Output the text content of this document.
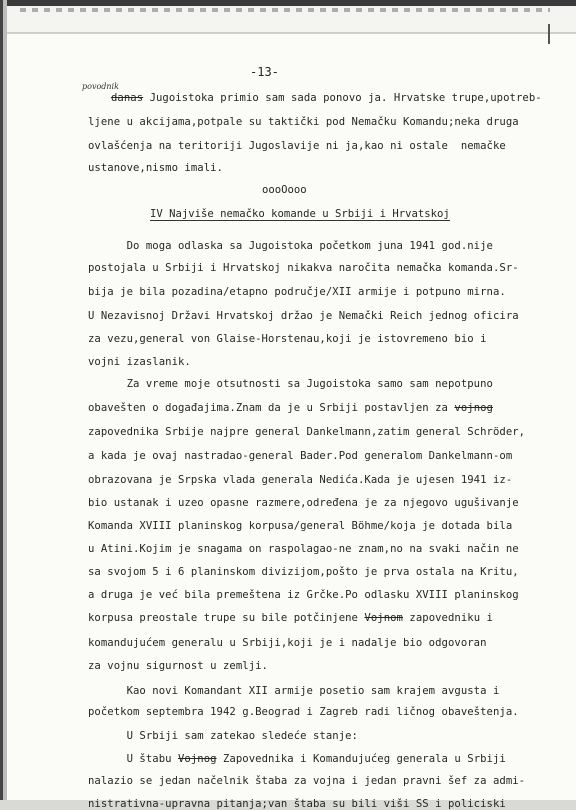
-13-
povodnik
danas Jugoistoka primio sam sada ponovo ja. Hrvatske trupe,upotreb-
ljene u akcijama,potpale su taktički pod Nemačku Komandu;neka druga
ovlašćenja na teritoriji Jugoslavije ni ja,kao ni ostale  nemačke
ustanove,nismo imali.
Do moga odlaska sa Jugoistoka početkom juna 1941 god.nije
postojala u Srbiji i Hrvatskoj nikakva naročita nemačka komanda.Sr-
bija je bila pozadina/etapno područje/XII armije i potpuno mirna.
U Nezavisnoj Državi Hrvatskoj držao je Nemački Reich jednog oficira
za vezu,general von Glaise-Horstenau,koji je istovremeno bio i
vojni izaslanik.
Za vreme moje otsutnosti sa Jugoistoka samo sam nepotpuno
obavešten o događajima.Znam da je u Srbiji postavljen za vojnog
zapovednika Srbije najpre general Dankelmann,zatim general Schröder,
a kada je ovaj nastradao-general Bader.Pod generalom Dankelmann-om
obrazovana je Srpska vlada generala Nedića.Kada je ujesen 1941 iz-
bio ustanak i uzeo opasne razmere,određena je za njegovo ugušivanje
Komanda XVIII planinskog korpusa/general Böhme/koja je dotada bila
u Atini.Kojim je snagama on raspolagao-ne znam,no na svaki način ne
sa svojom 5 i 6 planinskom divizijom,pošto je prva ostala na Kritu,
a druga je već bila premeštena iz Grčke.Po odlasku XVIII planinskog
korpusa preostale trupe su bile potčinjene Vojnom zapovedniku i
komandujućem generalu u Srbiji,koji je i nadalje bio odgovoran
za vojnu sigurnost u zemlji.
Kao novi Komandant XII armije posetio sam krajem avgusta i
početkom septembra 1942 g.Beograd i Zagreb radi ličnog obaveštenja.
U Srbiji sam zatekao sledeće stanje:
U štabu Vojnog Zapovednika i Komandujućeg generala u Srbiji
nalazio se jedan načelnik štaba za vojna i jedan pravni šef za admi-
nistrativna-upravna pitanja;van štaba su bili viši SS i policiski
oooOooo
IV Najviše nemačko komande u Srbiji i Hrvatskoj
